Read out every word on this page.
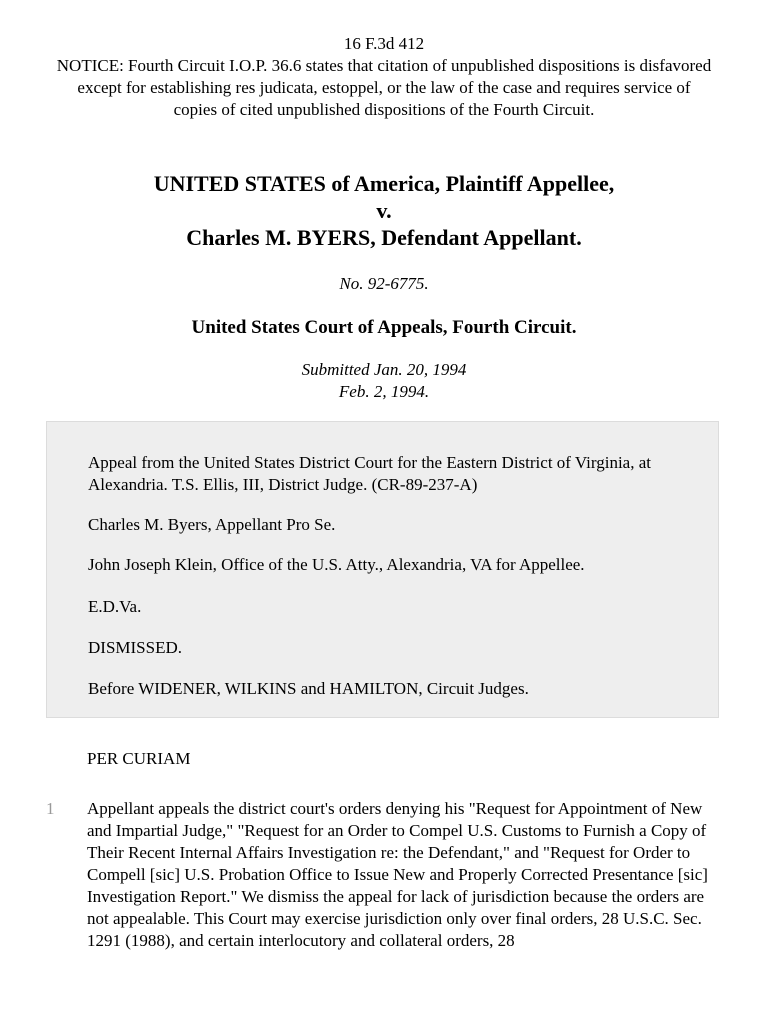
16 F.3d 412
NOTICE: Fourth Circuit I.O.P. 36.6 states that citation of unpublished dispositions is disfavored except for establishing res judicata, estoppel, or the law of the case and requires service of copies of cited unpublished dispositions of the Fourth Circuit.
UNITED STATES of America, Plaintiff Appellee,
v.
Charles M. BYERS, Defendant Appellant.
No. 92-6775.
United States Court of Appeals, Fourth Circuit.
Submitted Jan. 20, 1994
Feb. 2, 1994.

Appeal from the United States District Court for the Eastern District of Virginia, at Alexandria. T.S. Ellis, III, District Judge. (CR-89-237-A)

Charles M. Byers, Appellant Pro Se.

John Joseph Klein, Office of the U.S. Atty., Alexandria, VA for Appellee.

E.D.Va.

DISMISSED.

Before WIDENER, WILKINS and HAMILTON, Circuit Judges.

PER CURIAM
1 Appellant appeals the district court's orders denying his "Request for Appointment of New and Impartial Judge," "Request for an Order to Compel U.S. Customs to Furnish a Copy of Their Recent Internal Affairs Investigation re: the Defendant," and "Request for Order to Compell [sic] U.S. Probation Office to Issue New and Properly Corrected Presentance [sic] Investigation Report." We dismiss the appeal for lack of jurisdiction because the orders are not appealable. This Court may exercise jurisdiction only over final orders, 28 U.S.C. Sec. 1291 (1988), and certain interlocutory and collateral orders, 28
